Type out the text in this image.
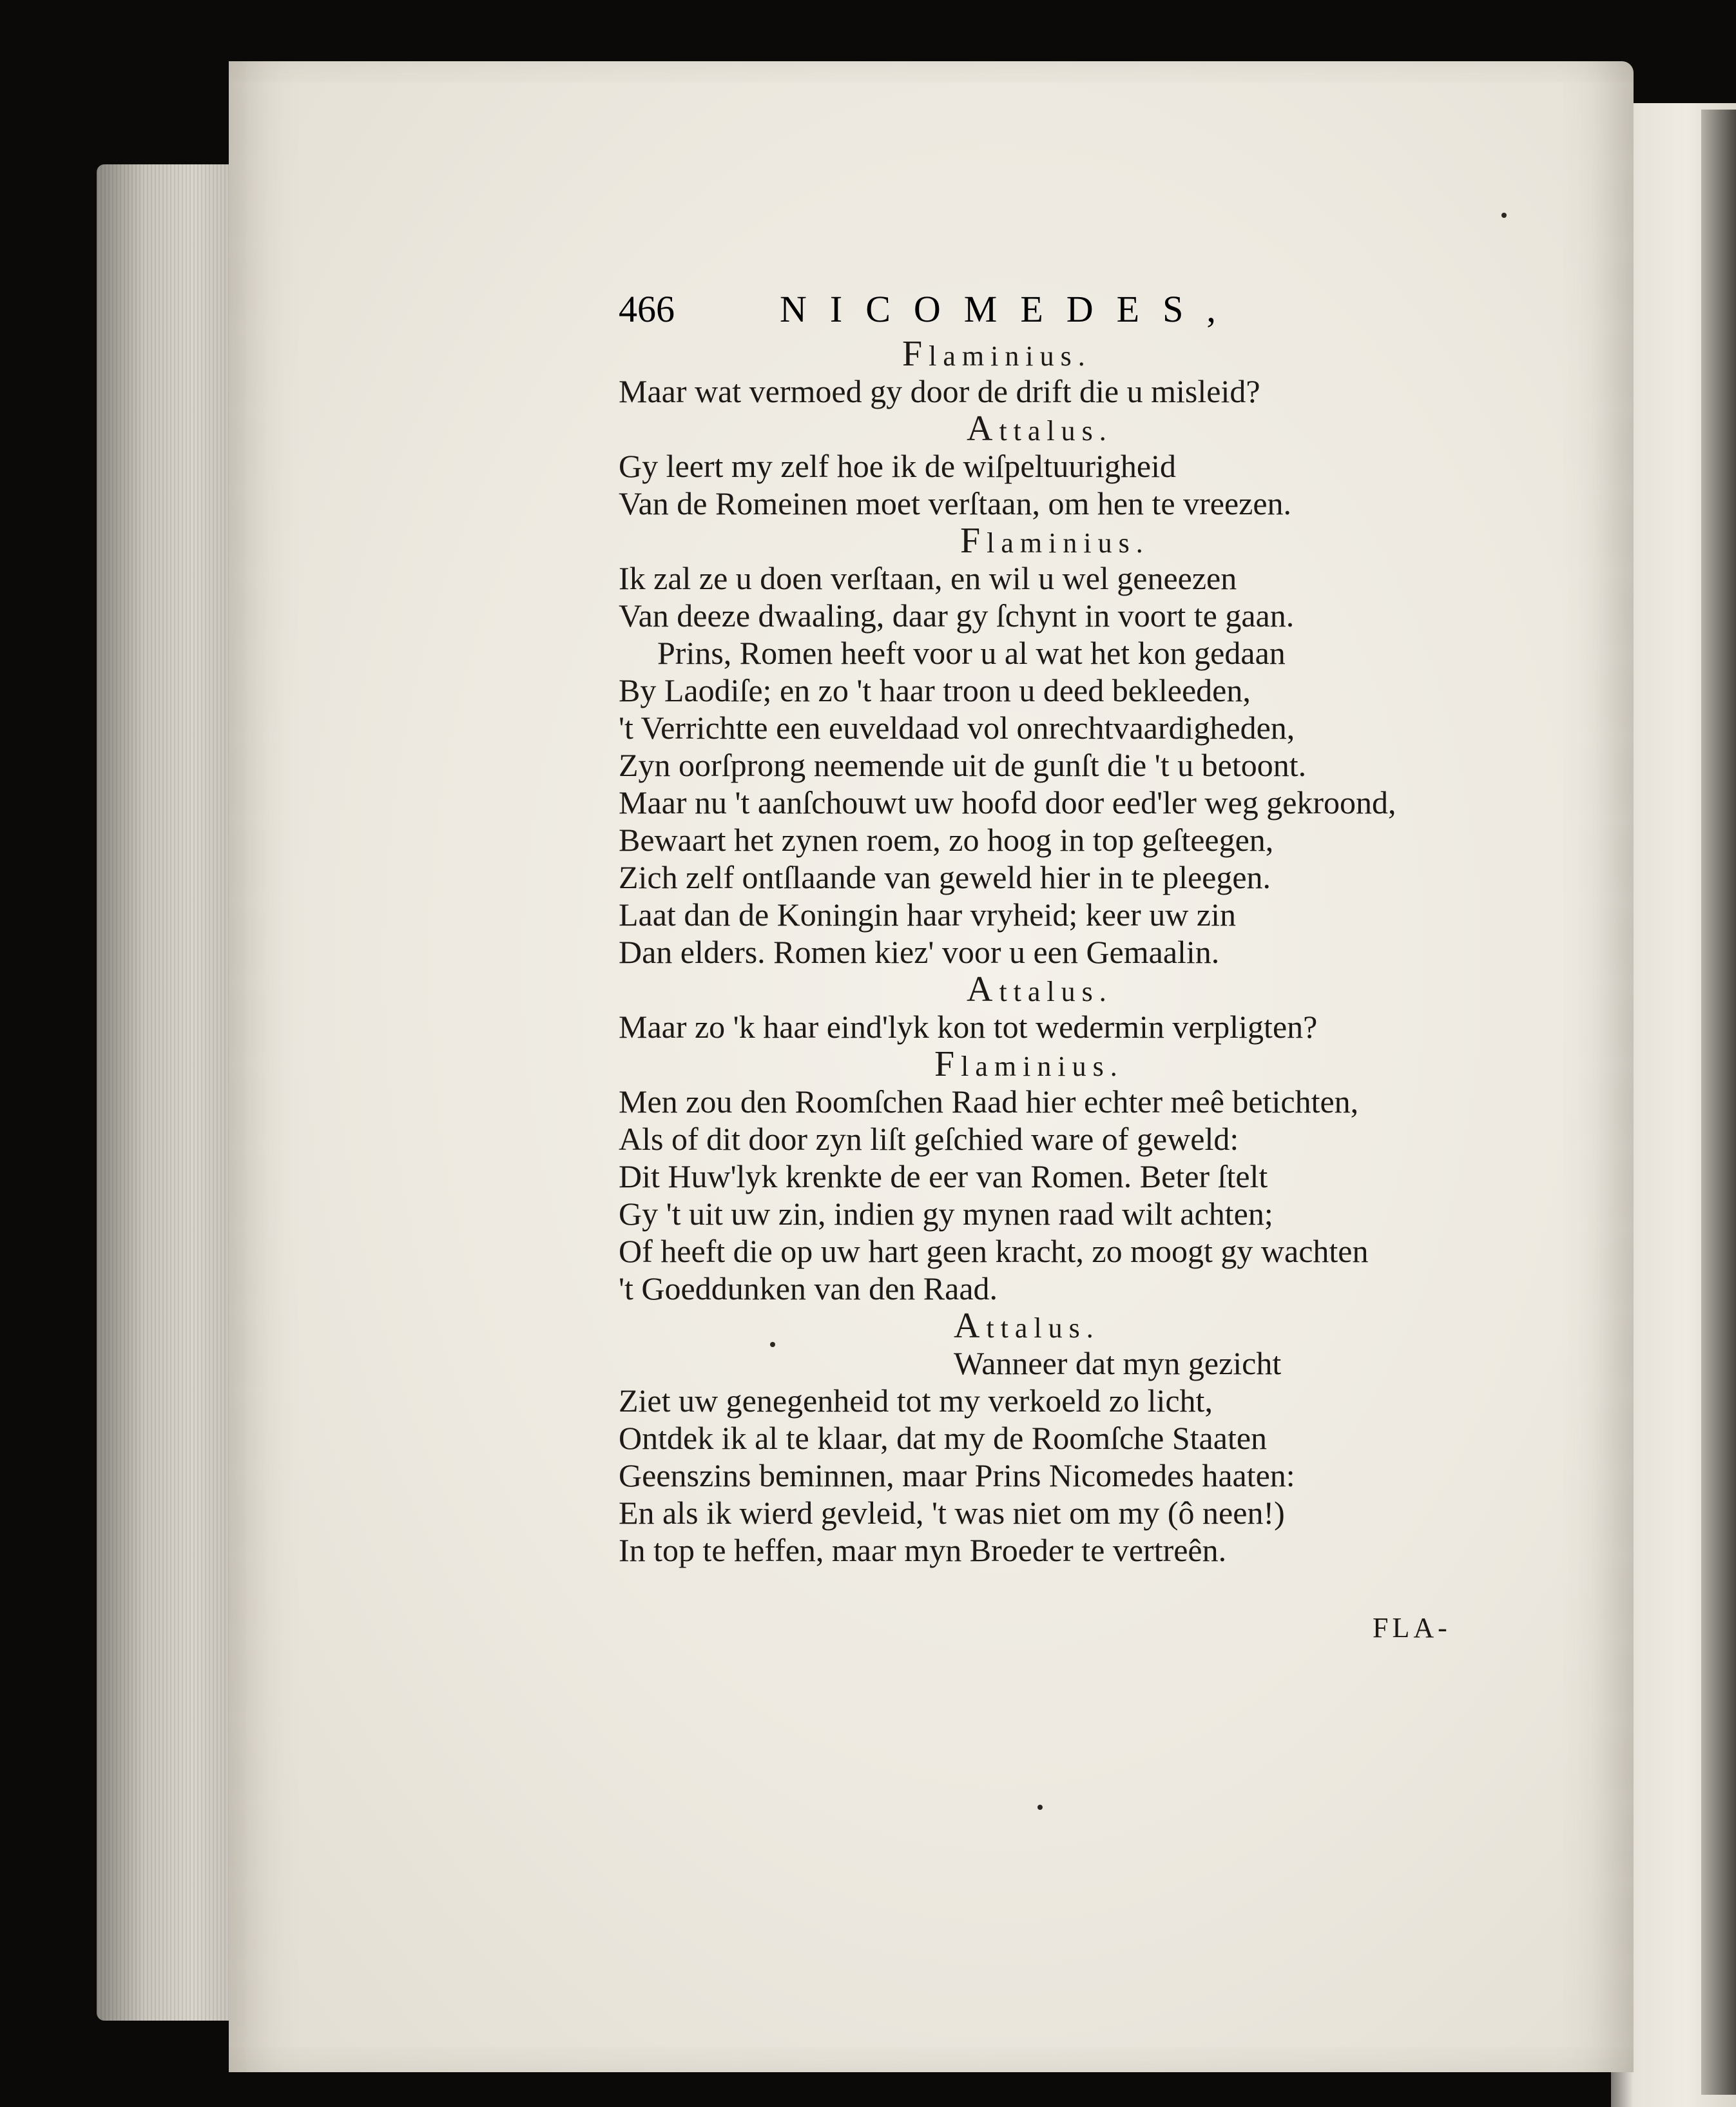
466	NICOMEDES,
Flaminius.
Maar wat vermoed gy door de drift die u misleid?
Attalus.
Gy leert my zelf hoe ik de wiſpeltuurigheid
Van de Romeinen moet verſtaan, om hen te vreezen.
Flaminius.
Ik zal ze u doen verſtaan, en wil u wel geneezen
Van deeze dwaaling, daar gy ſchynt in voort te gaan.
Prins, Romen heeft voor u al wat het kon gedaan
By Laodiſe; en zo 't haar troon u deed bekleeden,
't Verrichtte een euveldaad vol onrechtvaardigheden,
Zyn oorſprong neemende uit de gunſt die 't u betoont.
Maar nu 't aanſchouwt uw hoofd door eed'ler weg gekroond,
Bewaart het zynen roem, zo hoog in top geſteegen,
Zich zelf ontſlaande van geweld hier in te pleegen.
Laat dan de Koningin haar vryheid; keer uw zin
Dan elders. Romen kiez' voor u een Gemaalin.
Attalus.
Maar zo 'k haar eind'lyk kon tot wedermin verpligten?
Flaminius.
Men zou den Roomſchen Raad hier echter meê betichten,
Als of dit door zyn liſt geſchied ware of geweld:
Dit Huw'lyk krenkte de eer van Romen. Beter ſtelt
Gy 't uit uw zin, indien gy mynen raad wilt achten;
Of heeft die op uw hart geen kracht, zo moogt gy wachten
't Goeddunken van den Raad.
Attalus.
Wanneer dat myn gezicht
Ziet uw genegenheid tot my verkoeld zo licht,
Ontdek ik al te klaar, dat my de Roomſche Staaten
Geenszins beminnen, maar Prins Nicomedes haaten:
En als ik wierd gevleid, 't was niet om my (ô neen!)
In top te heffen, maar myn Broeder te vertreên.
FLA-
